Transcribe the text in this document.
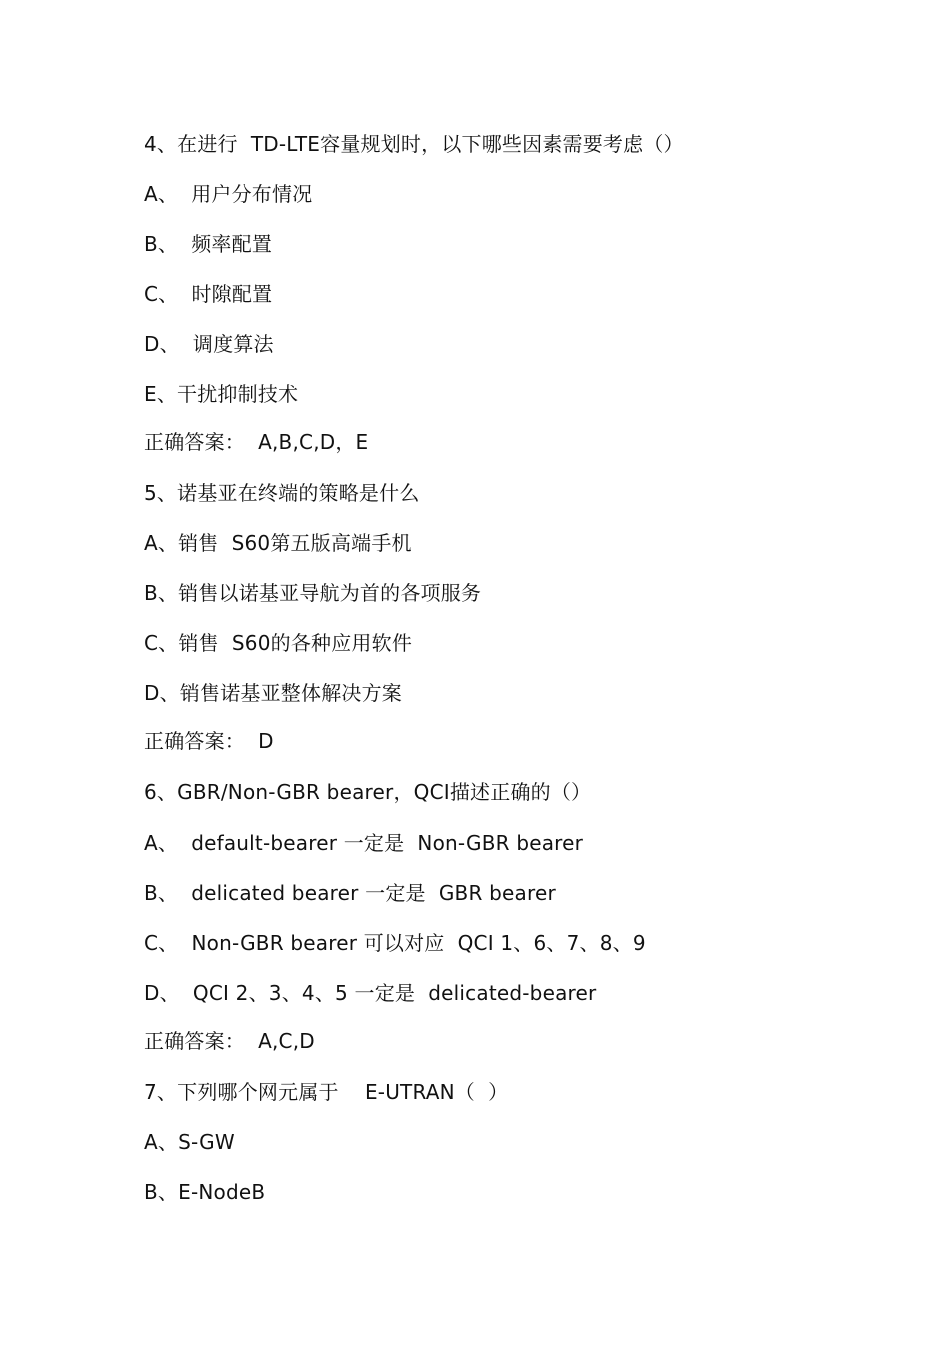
4、在进行  TD-LTE容量规划时，以下哪些因素需要考虑（）
A、  用户分布情况
B、  频率配置
C、  时隙配置
D、  调度算法
E、干扰抑制技术
正确答案：  A,B,C,D，E
5、诺基亚在终端的策略是什么
A、销售  S60第五版高端手机
B、销售以诺基亚导航为首的各项服务
C、销售  S60的各种应用软件
D、销售诺基亚整体解决方案
正确答案：  D
6、GBR/Non-GBR bearer，QCI描述正确的（）
A、  default-bearer 一定是  Non-GBR bearer
B、  delicated bearer 一定是  GBR bearer
C、  Non-GBR bearer 可以对应  QCI 1、6、7、8、9
D、  QCI 2、3、4、5 一定是  delicated-bearer
正确答案：  A,C,D
7、下列哪个网元属于    E-UTRAN（  ）
A、S-GW
B、E-NodeB
